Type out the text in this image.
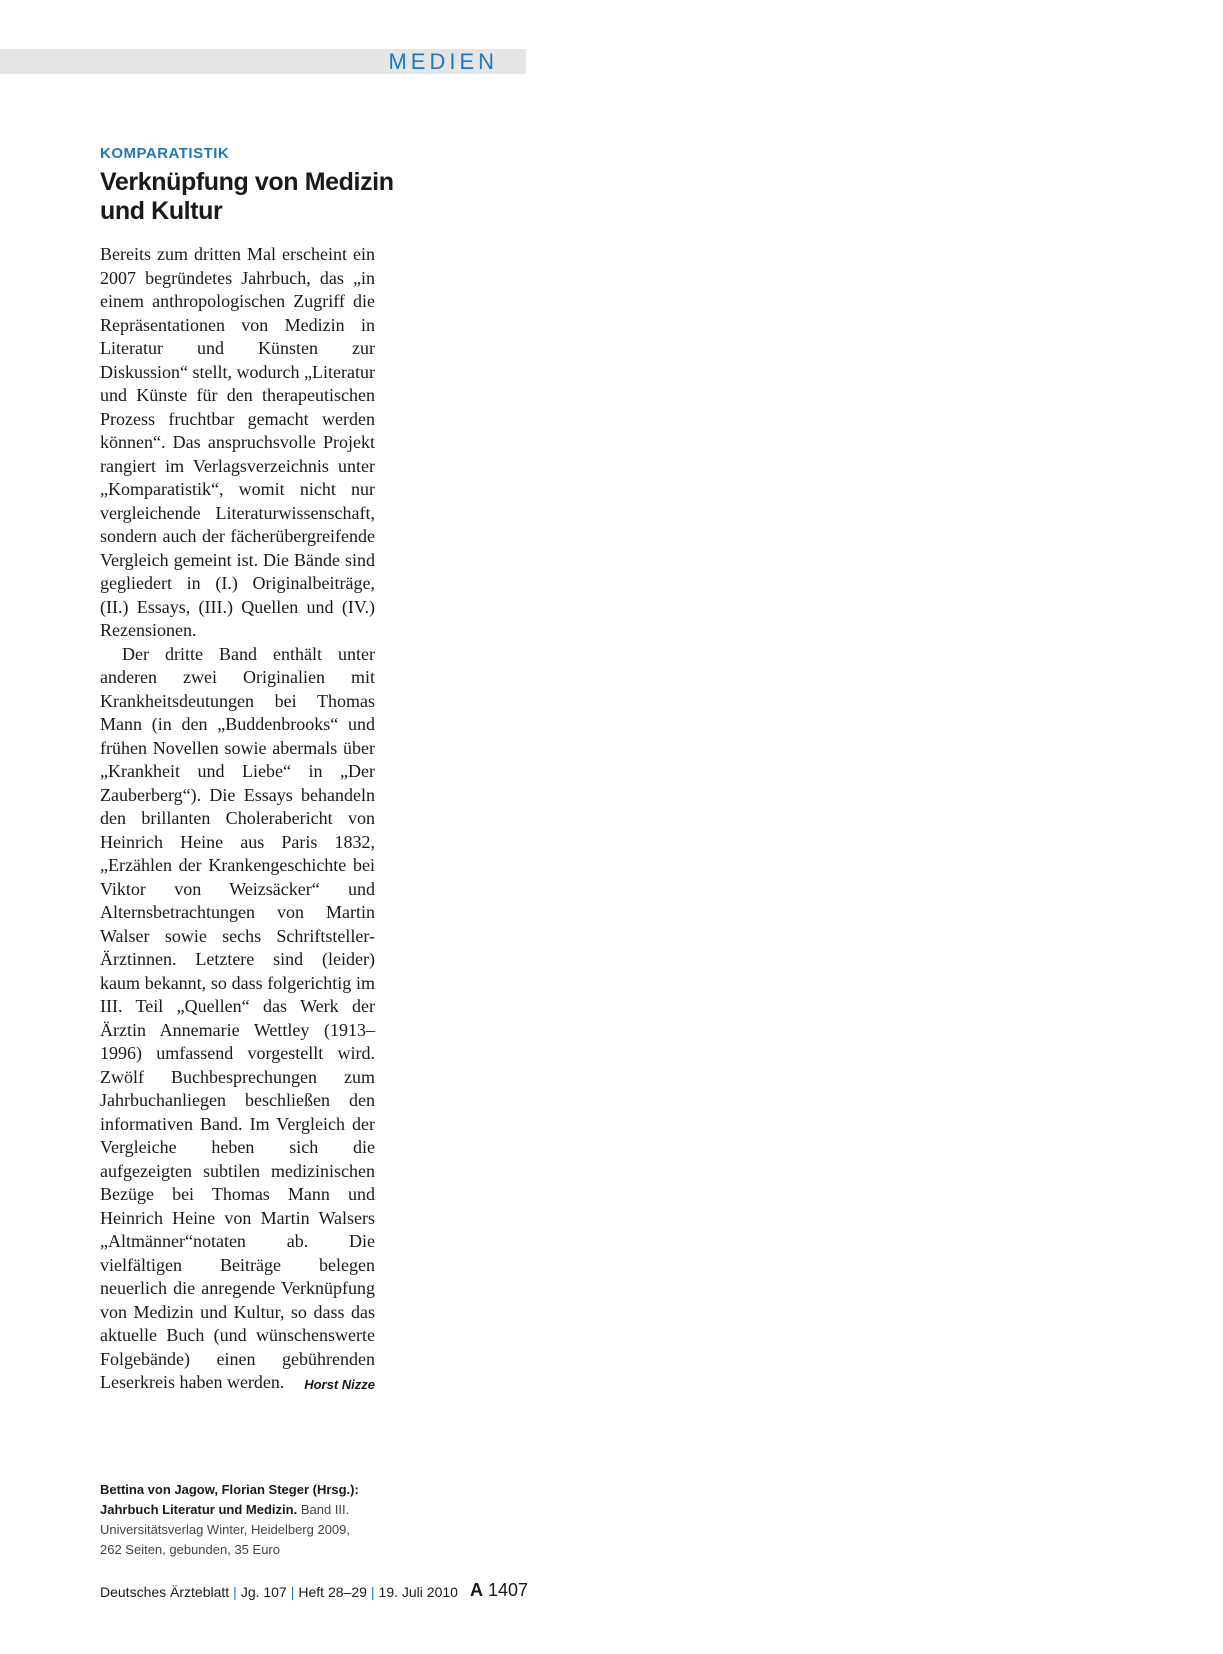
MEDIEN
KOMPARATISTIK
Verknüpfung von Medizin und Kultur

Bereits zum dritten Mal erscheint ein 2007 begründetes Jahrbuch, das „in einem anthropologischen Zugriff die Repräsentationen von Medizin in Literatur und Künsten zur Diskussion“ stellt, wodurch „Literatur und Künste für den therapeutischen Prozess fruchtbar gemacht werden können“. Das anspruchsvolle Projekt rangiert im Verlagsverzeichnis unter „Komparatistik“, womit nicht nur vergleichende Literaturwissenschaft, sondern auch der fächerübergreifende Vergleich gemeint ist. Die Bände sind gegliedert in (I.) Originalbeiträge, (II.) Essays, (III.) Quellen und (IV.) Rezensionen.

Der dritte Band enthält unter anderen zwei Originalien mit Krankheitsdeutungen bei Thomas Mann (in den „Buddenbrooks“ und frühen Novellen sowie abermals über „Krankheit und Liebe“ in „Der Zauberberg“). Die Essays behandeln den brillanten Cholerabericht von Heinrich Heine aus Paris 1832, „Erzählen der Krankengeschichte bei Viktor von Weizsäcker“ und Alternsbetrachtungen von Martin Walser sowie sechs Schriftsteller-Ärztinnen. Letztere sind (leider) kaum bekannt, so dass folgerichtig im III. Teil „Quellen“ das Werk der Ärztin Annemarie Wettley (1913–1996) umfassend vorgestellt wird. Zwölf Buchbesprechungen zum Jahrbuchanliegen beschließen den informativen Band. Im Vergleich der Vergleiche heben sich die aufgezeigten subtilen medizinischen Bezüge bei Thomas Mann und Heinrich Heine von Martin Walsers „Altmänner“notaten ab. Die vielfältigen Beiträge belegen neuerlich die anregende Verknüpfung von Medizin und Kultur, so dass das aktuelle Buch (und wünschenswerte Folgebände) einen gebührenden Leserkreis haben werden.	Horst Nizze
Bettina von Jagow, Florian Steger (Hrsg.): Jahrbuch Literatur und Medizin. Band III. Universitätsverlag Winter, Heidelberg 2009, 262 Seiten, gebunden, 35 Euro
Deutsches Ärzteblatt | Jg. 107 | Heft 28–29 | 19. Juli 2010 A 1407
